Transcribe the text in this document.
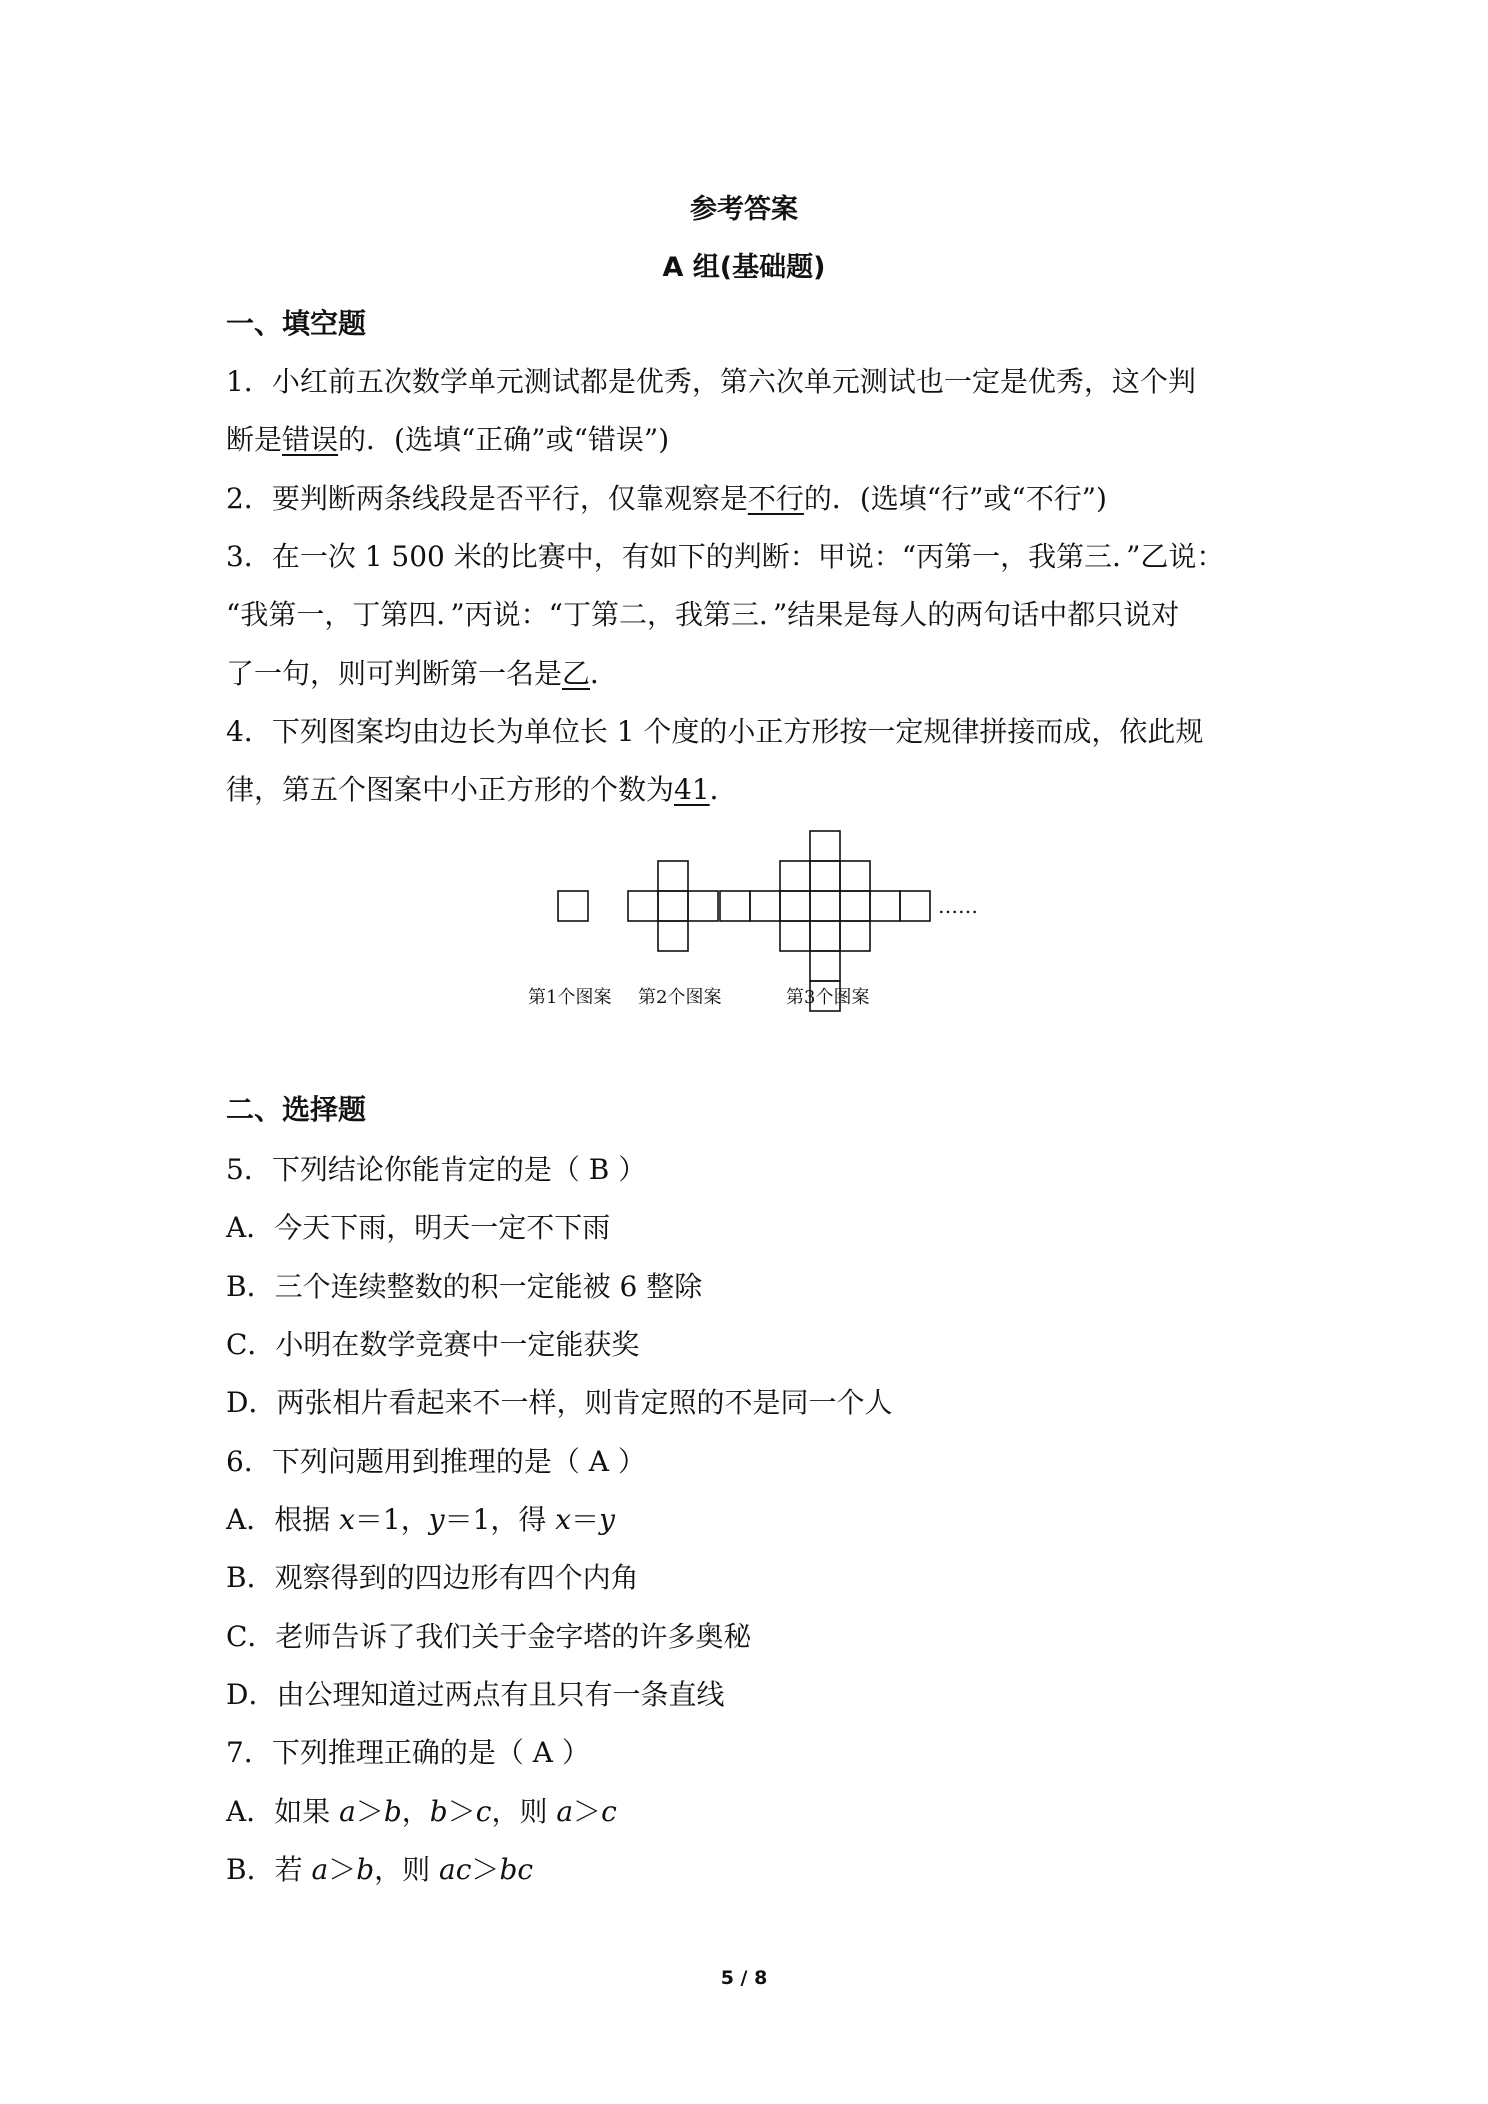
参考答案
A 组(基础题)
一、填空题
1．小红前五次数学单元测试都是优秀，第六次单元测试也一定是优秀，这个判
断是错误的．(选填“正确”或“错误”)
2．要判断两条线段是否平行，仅靠观察是不行的．(选填“行”或“不行”)
3．在一次 1 500 米的比赛中，有如下的判断：甲说：“丙第一，我第三．”乙说：
“我第一，丁第四．”丙说：“丁第二，我第三．”结果是每人的两句话中都只说对
了一句，则可判断第一名是乙．
4．下列图案均由边长为单位长 1 个度的小正方形按一定规律拼接而成，依此规
律，第五个图案中小正方形的个数为41．
……
第1个图案 第2个图案	第3个图案
二、选择题
5．下列结论你能肯定的是（ B ）
A．今天下雨，明天一定不下雨
B．三个连续整数的积一定能被 6 整除
C．小明在数学竞赛中一定能获奖
D．两张相片看起来不一样，则肯定照的不是同一个人
6．下列问题用到推理的是（ A ）
A．根据 x＝1，y＝1，得 x＝y
B．观察得到的四边形有四个内角
C．老师告诉了我们关于金字塔的许多奥秘
D．由公理知道过两点有且只有一条直线
7．下列推理正确的是（ A ）
A．如果 a＞b，b＞c，则 a＞c
B．若 a＞b，则 ac＞bc
5 / 8
